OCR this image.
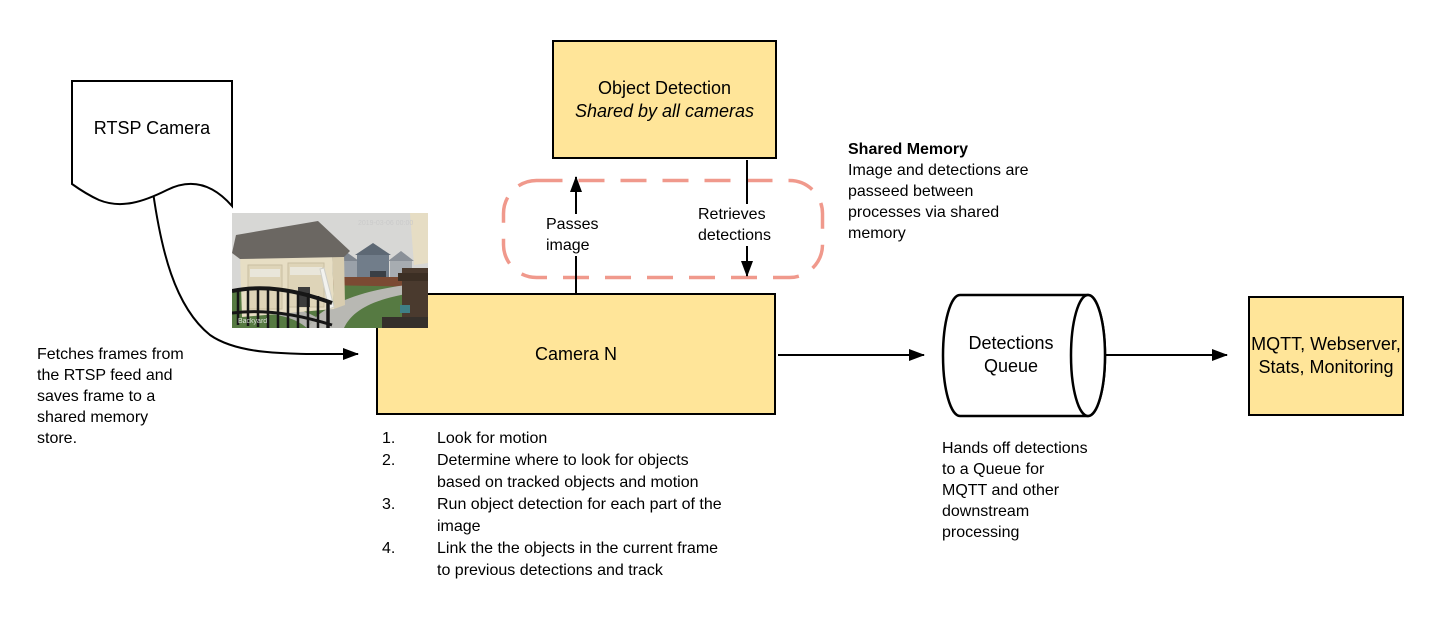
RTSP Camera
Object Detection
Shared by all cameras
Camera N
Backyard
2019-03-06 00:00	Passes
image
Retrieves
detections
Shared Memory
Image and detections are
passeed between
processes via shared
memory
Fetches frames from
the RTSP feed and
saves frame to a
shared memory
store.
Detections
Queue
MQTT, Webserver,
Stats, Monitoring
Hands off detections
to a Queue for
MQTT and other
downstream
processing
1.	Look for motion
2.	Determine where to look for objects
based on tracked objects and motion
3.	Run object detection for each part of the
image
4.	Link the the objects in the current frame
to previous detections and track
